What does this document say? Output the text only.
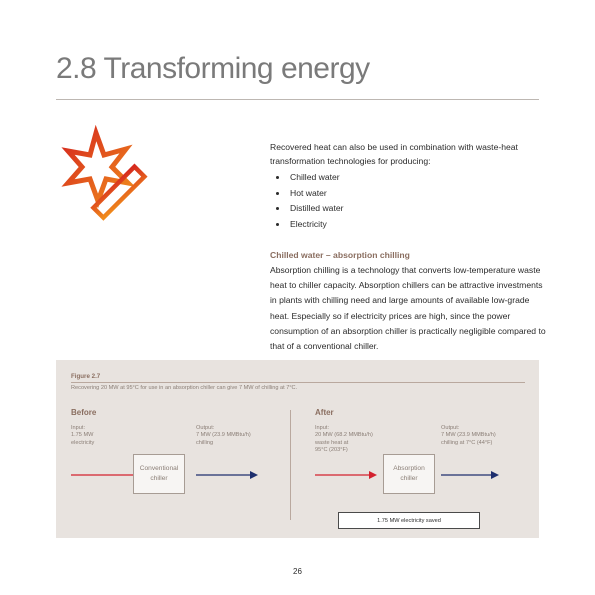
2.8 Transforming energy
Recovered heat can also be used in combination with waste-heat transformation technologies for producing:
• Chilled water
• Hot water
• Distilled water
• Electricity
Chilled water – absorption chilling
Absorption chilling is a technology that converts low-temperature waste heat to chiller capacity. Absorption chillers can be attractive investments in plants with chilling need and large amounts of available low-grade heat. Especially so if electricity prices are high, since the power consumption of an absorption chiller is practically negligible compared to that of a conventional chiller.
Figure 2.7
Recovering 20 MW at 95°C for use in an absorption chiller can give 7 MW of chilling at 7°C.
Before
Input:
1.75 MW
electricity
Output:
7 MW (23.9 MMBtu/h)
chilling
Conventional
chiller
After
Input:
20 MW (68.2 MMBtu/h)
waste heat at
95°C (203°F)
Output:
7 MW (23.9 MMBtu/h)
chilling at 7°C (44°F)
Absorption
chiller
1.75 MW electricity saved
26
